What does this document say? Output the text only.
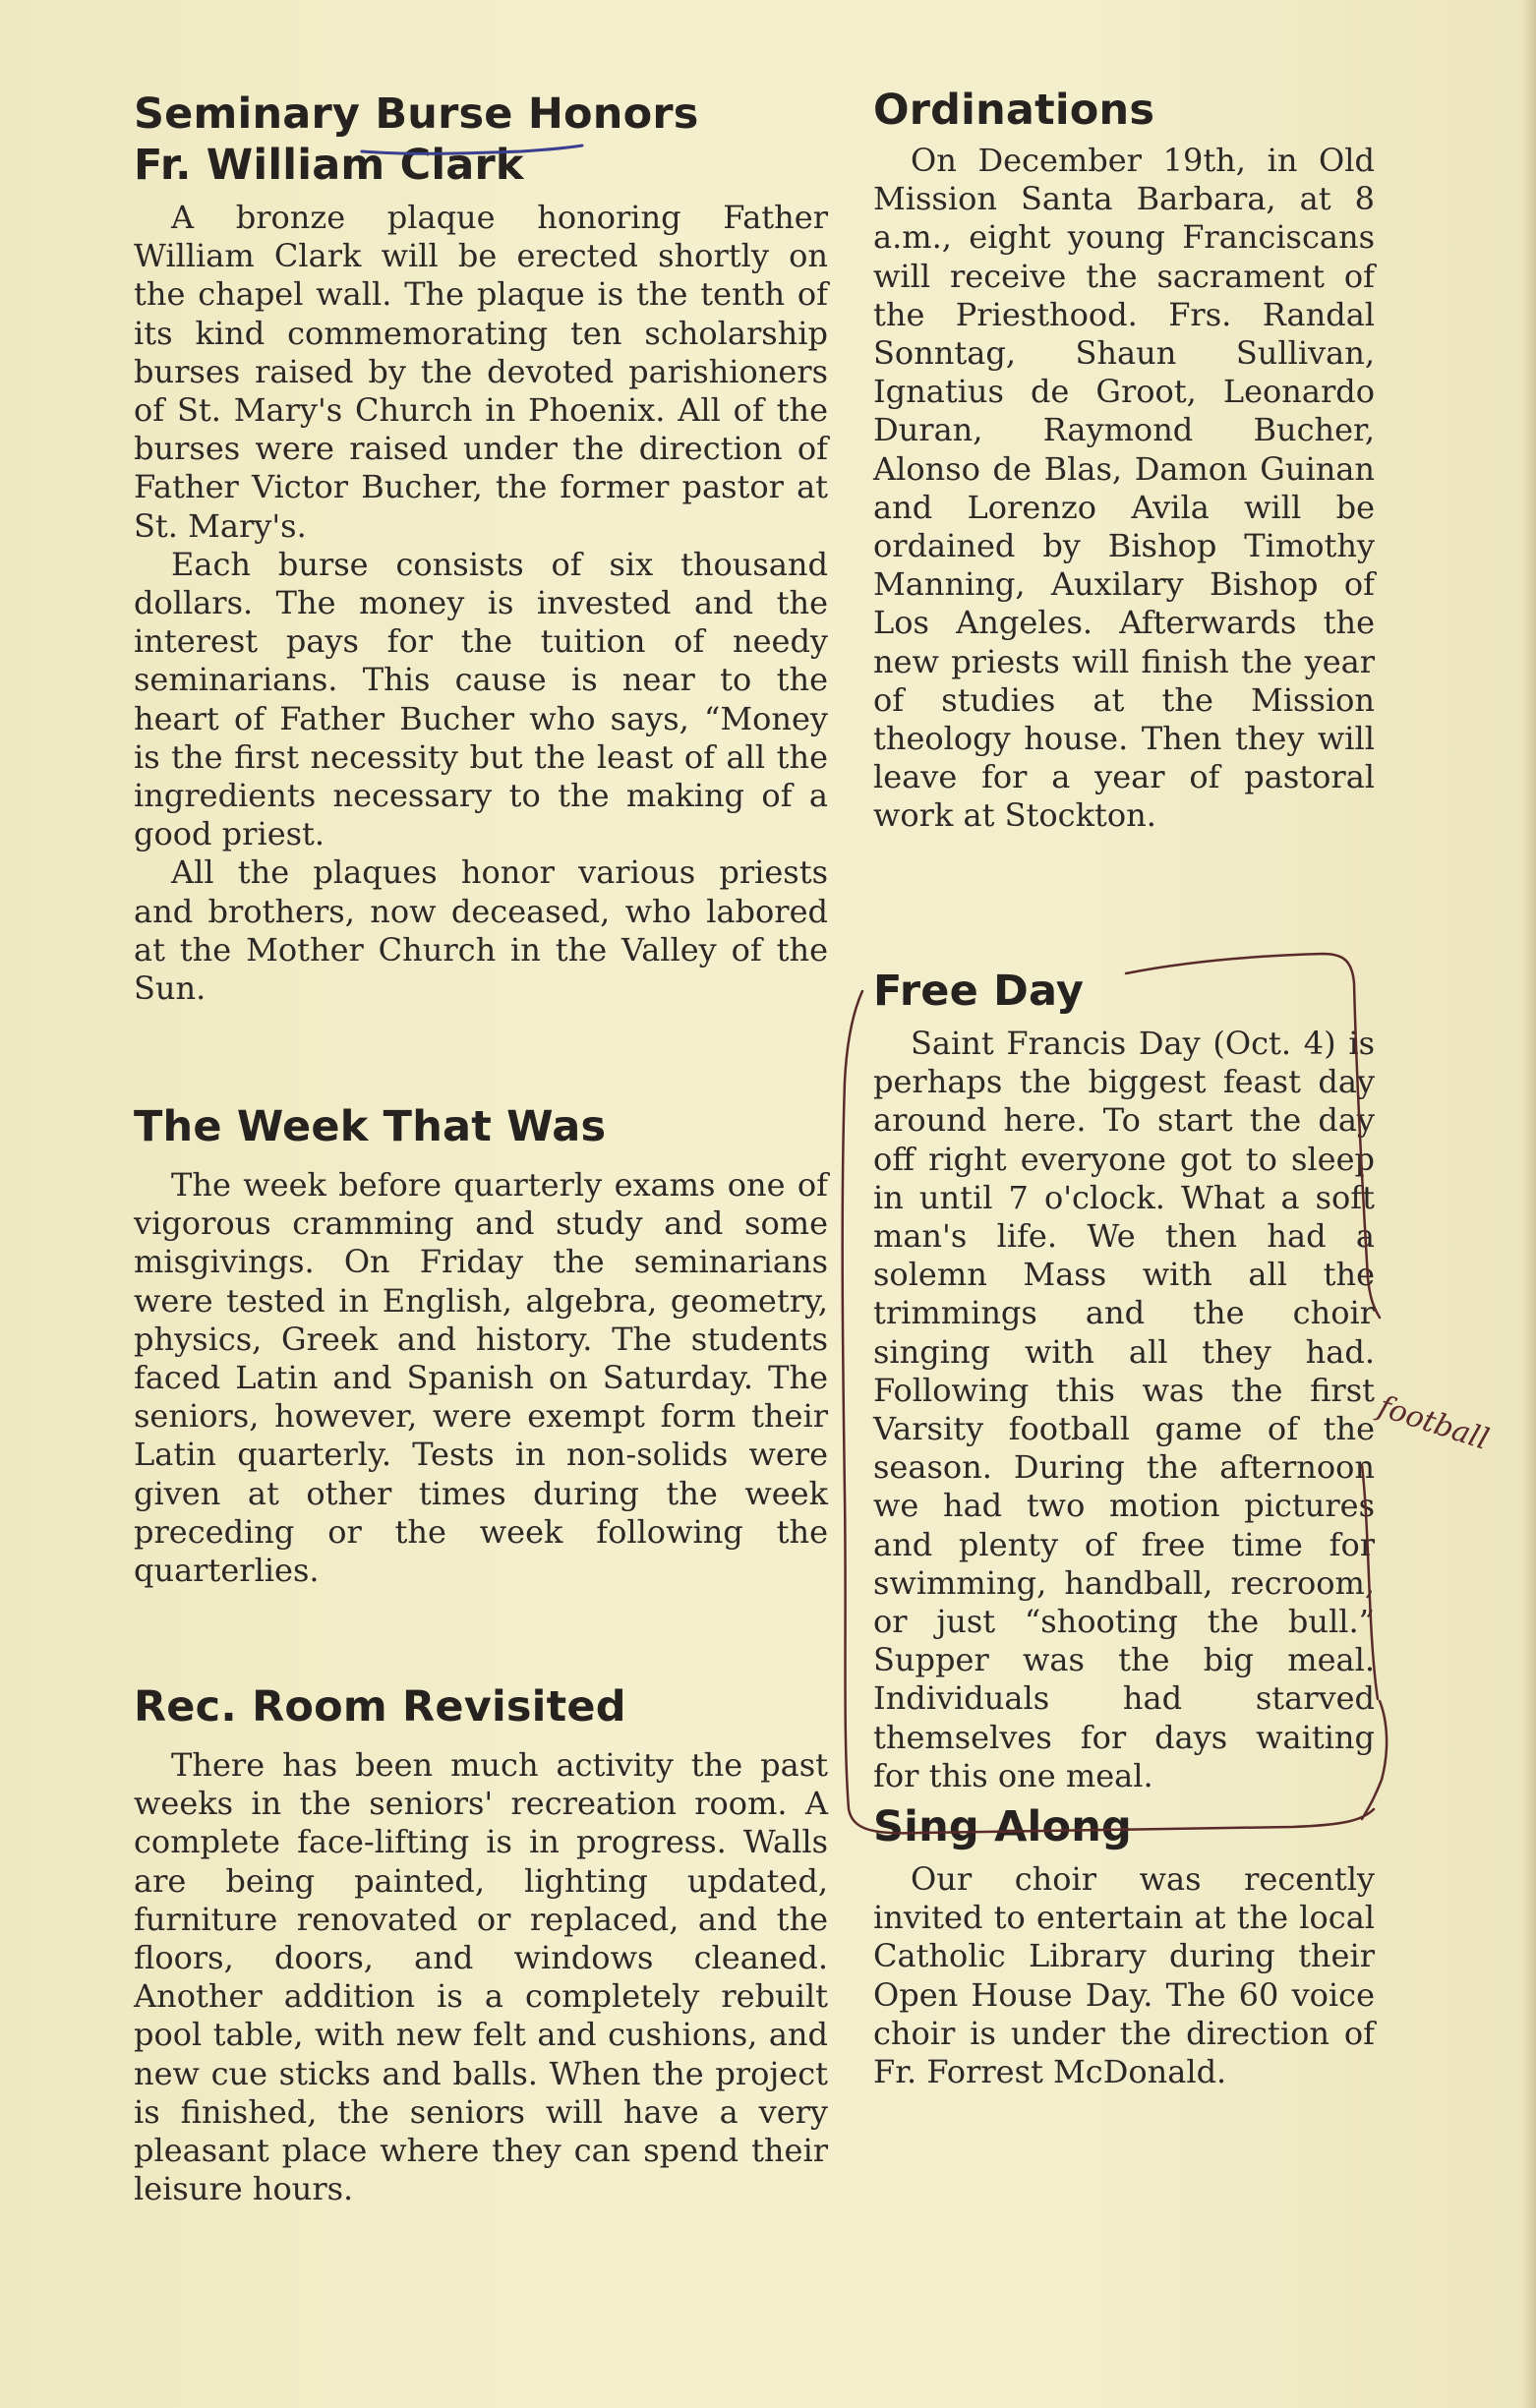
Seminary Burse Honors
Fr. William Clark
A bronze plaque honoring Father William Clark will be erected shortly on the chapel wall. The plaque is the tenth of its kind commemorating ten scholarship burses raised by the devoted parishioners of St. Mary's Church in Phoenix. All of the burses were raised under the direction of Father Victor Bucher, the former pastor at St. Mary's.
Each burse consists of six thousand dollars. The money is invested and the interest pays for the tuition of needy seminarians. This cause is near to the heart of Father Bucher who says, “Money is the first necessity but the least of all the ingredients necessary to the making of a good priest.
All the plaques honor various priests and brothers, now deceased, who labored at the Mother Church in the Valley of the Sun.
The Week That Was
The week before quarterly exams one of vigorous cramming and study and some misgivings. On Friday the seminarians were tested in English, algebra, geometry, physics, Greek and history. The students faced Latin and Spanish on Saturday. The seniors, however, were exempt form their Latin quarterly. Tests in non-solids were given at other times during the week preceding or the week following the quarterlies.
Rec. Room Revisited
There has been much activity the past weeks in the seniors' recreation room. A complete face-lifting is in progress. Walls are being painted, lighting updated, furniture renovated or replaced, and the floors, doors, and windows cleaned. Another addition is a completely rebuilt pool table, with new felt and cushions, and new cue sticks and balls. When the project is finished, the seniors will have a very pleasant place where they can spend their leisure hours.
Ordinations
On December 19th, in Old Mission Santa Barbara, at 8 a.m., eight young Franciscans will receive the sacrament of the Priesthood. Frs. Randal Sonntag, Shaun Sullivan, Ignatius de Groot, Leonardo Duran, Raymond Bucher, Alonso de Blas, Damon Guinan and Lorenzo Avila will be ordained by Bishop Timothy Manning, Auxilary Bishop of Los Angeles. Afterwards the new priests will finish the year of studies at the Mission theology house. Then they will leave for a year of pastoral work at Stockton.
Free Day
Saint Francis Day (Oct. 4) is perhaps the biggest feast day around here. To start the day off right everyone got to sleep in until 7 o'clock. What a soft man's life. We then had a solemn Mass with all the trimmings and the choir singing with all they had. Following this was the first Varsity football game of the season. During the afternoon we had two motion pictures and plenty of free time for swimming, handball, recroom, or just “shooting the bull.” Supper was the big meal. Individuals had starved themselves for days waiting for this one meal.
Sing Along
Our choir was recently invited to entertain at the local Catholic Library during their Open House Day. The 60 voice choir is under the direction of Fr. Forrest McDonald.
football
